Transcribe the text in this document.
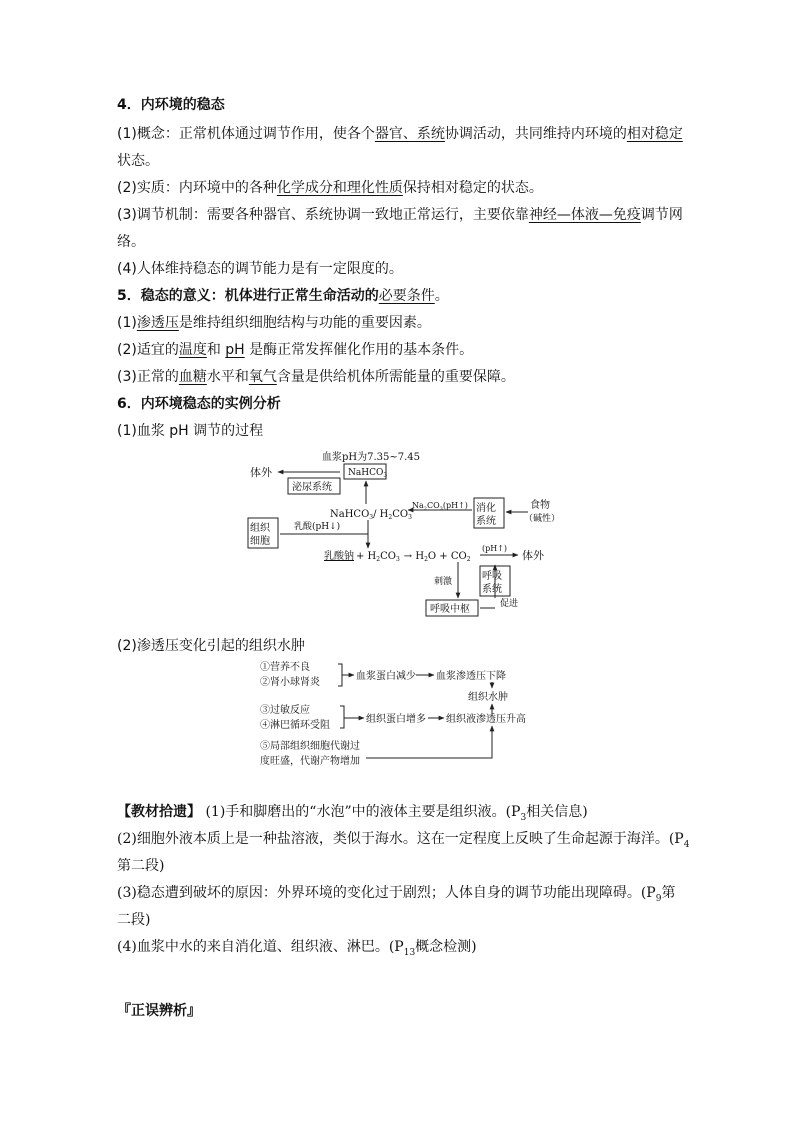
4．内环境的稳态
(1)概念：正常机体通过调节作用，使各个器官、系统协调活动，共同维持内环境的相对稳定
状态。
(2)实质：内环境中的各种化学成分和理化性质保持相对稳定的状态。
(3)调节机制：需要各种器官、系统协调一致地正常运行，主要依靠神经—体液—免疫调节网
络。
(4)人体维持稳态的调节能力是有一定限度的。
5．稳态的意义：机体进行正常生命活动的必要条件。
(1)渗透压是维持组织细胞结构与功能的重要因素。
(2)适宜的温度和 pH 是酶正常发挥催化作用的基本条件。
(3)正常的血糖水平和氧气含量是供给机体所需能量的重要保障。
6．内环境稳态的实例分析
(1)血浆 pH 调节的过程
血浆pH为7.35~7.45
体外	NaHCO$_3$
泌尿系统
NaHCO$_3$/ $H_2CO_3$
$Na_2CO_3(pH↑)$ 消化
系统
食物
（碱性）
组织
细胞
乳酸(pH↓)
乳酸钠 + $H_2CO_3 \to H_2O + CO_2$
(pH↑)
体外
刺激	呼吸
系统
呼吸中枢	促进
(2)渗透压变化引起的组织水肿
①营养不良
②肾小球肾炎
血浆蛋白减少 血浆渗透压下降
组织水肿
③过敏反应
④淋巴循环受阻
组织蛋白增多 组织液渗透压升高
⑤局部组织细胞代谢过
度旺盛，代谢产物增加
【教材拾遗】 (1)手和脚磨出的“水泡”中的液体主要是组织液。($P_3$相关信息)
(2)细胞外液本质上是一种盐溶液，类似于海水。这在一定程度上反映了生命起源于海洋。($P_4$
第二段)
(3)稳态遭到破坏的原因：外界环境的变化过于剧烈；人体自身的调节功能出现障碍。($P_9$第
二段)
(4)血浆中水的来自消化道、组织液、淋巴。($P_{13}$概念检测)
『正误辨析』
